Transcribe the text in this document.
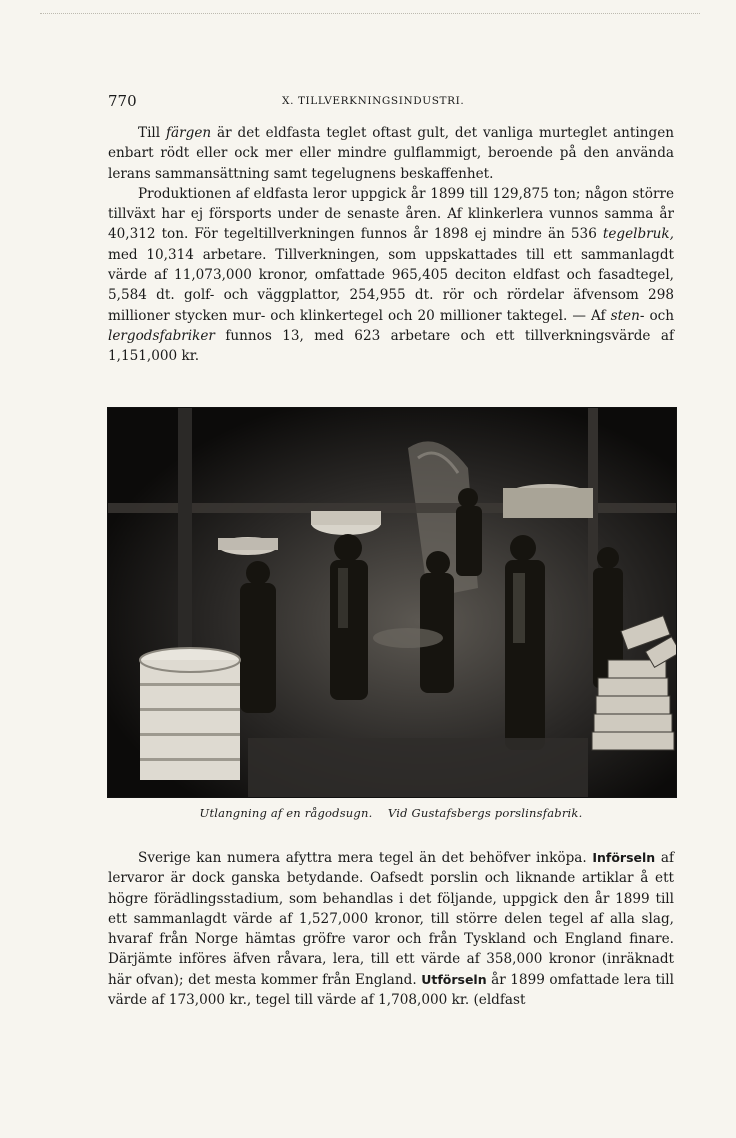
770	X. TILLVERKNINGSINDUSTRI.

Till färgen är det eldfasta teglet oftast gult, det vanliga murteglet antingen enbart rödt eller ock mer eller mindre gulflammigt, beroende på den använda lerans sammansättning samt tegelugnens beskaffenhet.

Produktionen af eldfasta leror uppgick år 1899 till 129,875 ton; någon större tillväxt har ej försports under de senaste åren. Af klinkerlera vunnos samma år 40,312 ton. För tegeltillverkningen funnos år 1898 ej mindre än 536 tegelbruk, med 10,314 arbetare. Tillverkningen, som uppskattades till ett sammanlagdt värde af 11,073,000 kronor, omfattade 965,405 deciton eldfast och fasadtegel, 5,584 dt. golf- och väggplattor, 254,955 dt. rör och rördelar äfvensom 298 millioner stycken mur- och klinkertegel och 20 millioner taktegel. — Af sten- och lergodsfabriker funnos 13, med 623 arbetare och ett tillverkningsvärde af 1,151,000 kr.

Utlangning af en rågodsugn. Vid Gustafsbergs porslinsfabrik.

Sverige kan numera afyttra mera tegel än det behöfver inköpa. Införseln af lervaror är dock ganska betydande. Oafsedt porslin och liknande artiklar å ett högre förädlingsstadium, som behandlas i det följande, uppgick den år 1899 till ett sammanlagdt värde af 1,527,000 kronor, till större delen tegel af alla slag, hvaraf från Norge hämtas gröfre varor och från Tyskland och England finare. Därjämte införes äfven råvara, lera, till ett värde af 358,000 kronor (inräknadt här ofvan); det mesta kommer från England. Utförseln år 1899 omfattade lera till värde af 173,000 kr., tegel till värde af 1,708,000 kr. (eldfast
